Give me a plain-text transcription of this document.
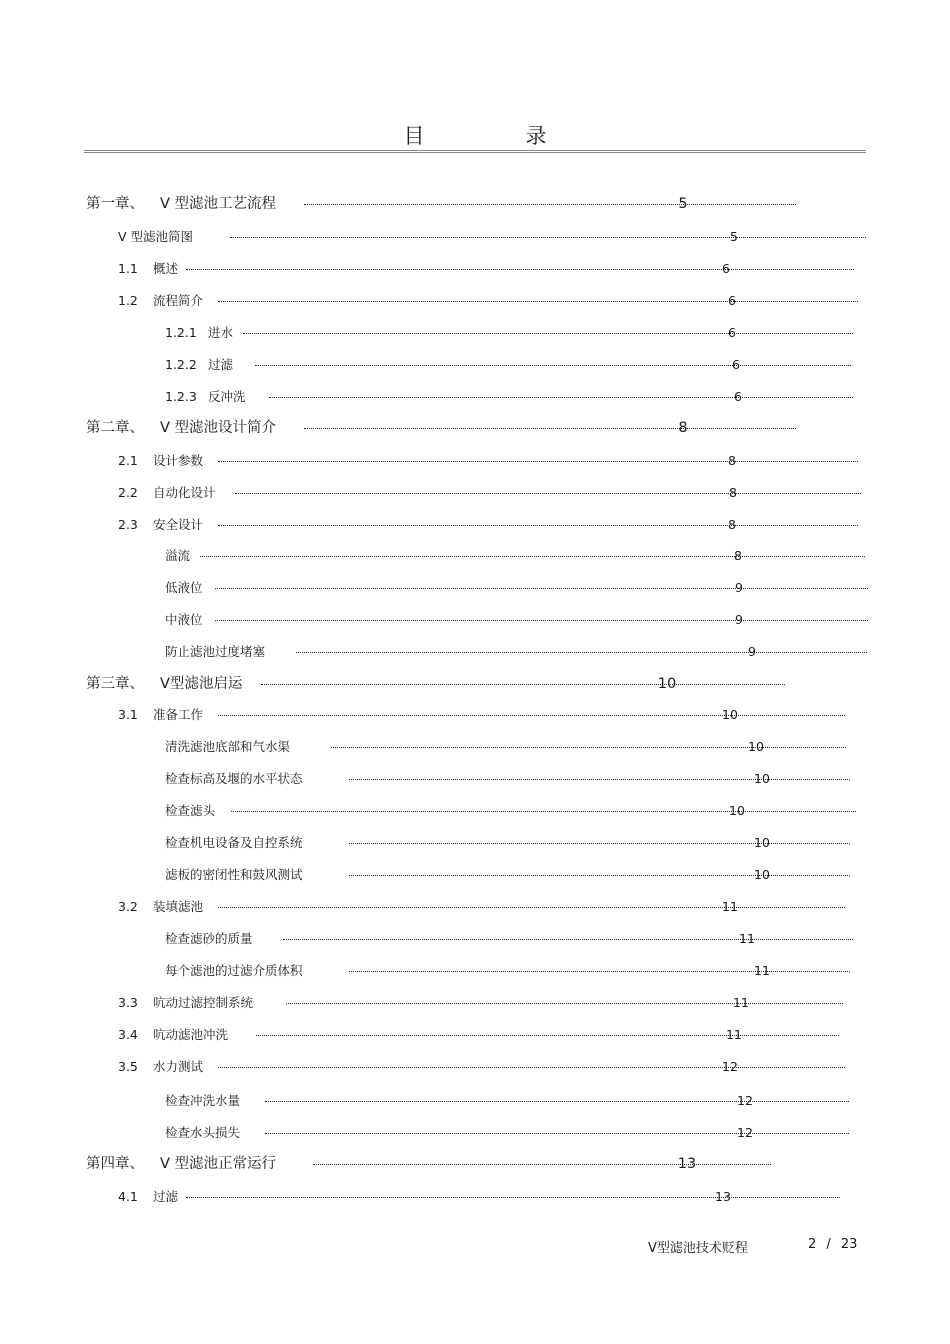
目　录
第一章、 V 型滤池工艺流程	5
V 型滤池简图	5
1.1 概述	6
1.2 流程简介	6
1.2.1 进水	6
1.2.2 过滤	6
1.2.3 反冲洗	6
第二章、 V 型滤池设计简介	8
2.1 设计参数	8
2.2 自动化设计	8
2.3 安全设计	8
溢流	8
低液位	9
中液位	9
防止滤池过度堵塞	9
第三章、 V型滤池启运	10
3.1 准备工作	10
清洗滤池底部和气水渠	10
检查标高及堰的水平状态	10
检查滤头	10
检查机电设备及自控系统	10
滤板的密闭性和鼓风测试	10
3.2 装填滤池	11
检查滤砂的质量	11
每个滤池的过滤介质体积	11
3.3 吭动过滤控制系统	11
3.4 吭动滤池冲洗	11
3.5 水力测试	12
检查冲洗水量	12
检查水头损失	12
第四章、 V 型滤池正常运行	13
4.1 过滤	13
V型滤池技术贬程	2 / 23
